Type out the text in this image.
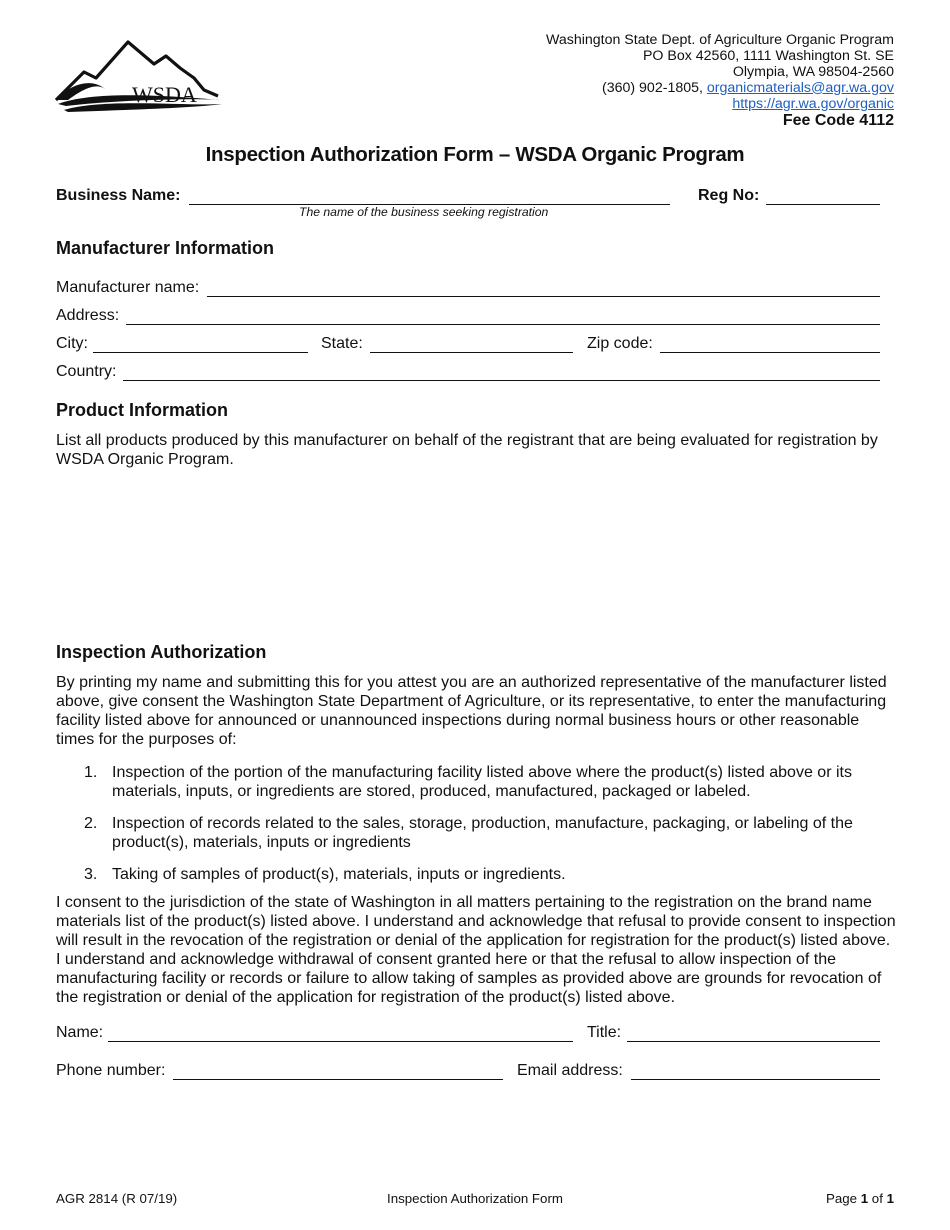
WSDA
Washington State Dept. of Agriculture Organic Program
PO Box 42560, 1111 Washington St. SE
Olympia, WA 98504-2560
(360) 902-1805, organicmaterials@agr.wa.gov
https://agr.wa.gov/organic
Fee Code 4112
Inspection Authorization Form – WSDA Organic Program
Business Name:
The name of the business seeking registration
Reg No:
Manufacturer Information
Manufacturer name:
Address:
City:	State:	Zip code:
Country:
Product Information
List all products produced by this manufacturer on behalf of the registrant that are being evaluated for registration by WSDA Organic Program.
Inspection Authorization
By printing my name and submitting this for you attest you are an authorized representative of the manufacturer listed above, give consent the Washington State Department of Agriculture, or its representative, to enter the manufacturing facility listed above for announced or unannounced inspections during normal business hours or other reasonable times for the purposes of:
1. Inspection of the portion of the manufacturing facility listed above where the product(s) listed above or its materials, inputs, or ingredients are stored, produced, manufactured, packaged or labeled.
2. Inspection of records related to the sales, storage, production, manufacture, packaging, or labeling of the product(s), materials, inputs or ingredients
3. Taking of samples of product(s), materials, inputs or ingredients.
I consent to the jurisdiction of the state of Washington in all matters pertaining to the registration on the brand name materials list of the product(s) listed above. I understand and acknowledge that refusal to provide consent to inspection will result in the revocation of the registration or denial of the application for registration for the product(s) listed above. I understand and acknowledge withdrawal of consent granted here or that the refusal to allow inspection of the manufacturing facility or records or failure to allow taking of samples as provided above are grounds for revocation of the registration or denial of the application for registration of the product(s) listed above.
Name:	Title:
Phone number:	Email address:
AGR 2814 (R 07/19)	Inspection Authorization Form	Page 1 of 1
